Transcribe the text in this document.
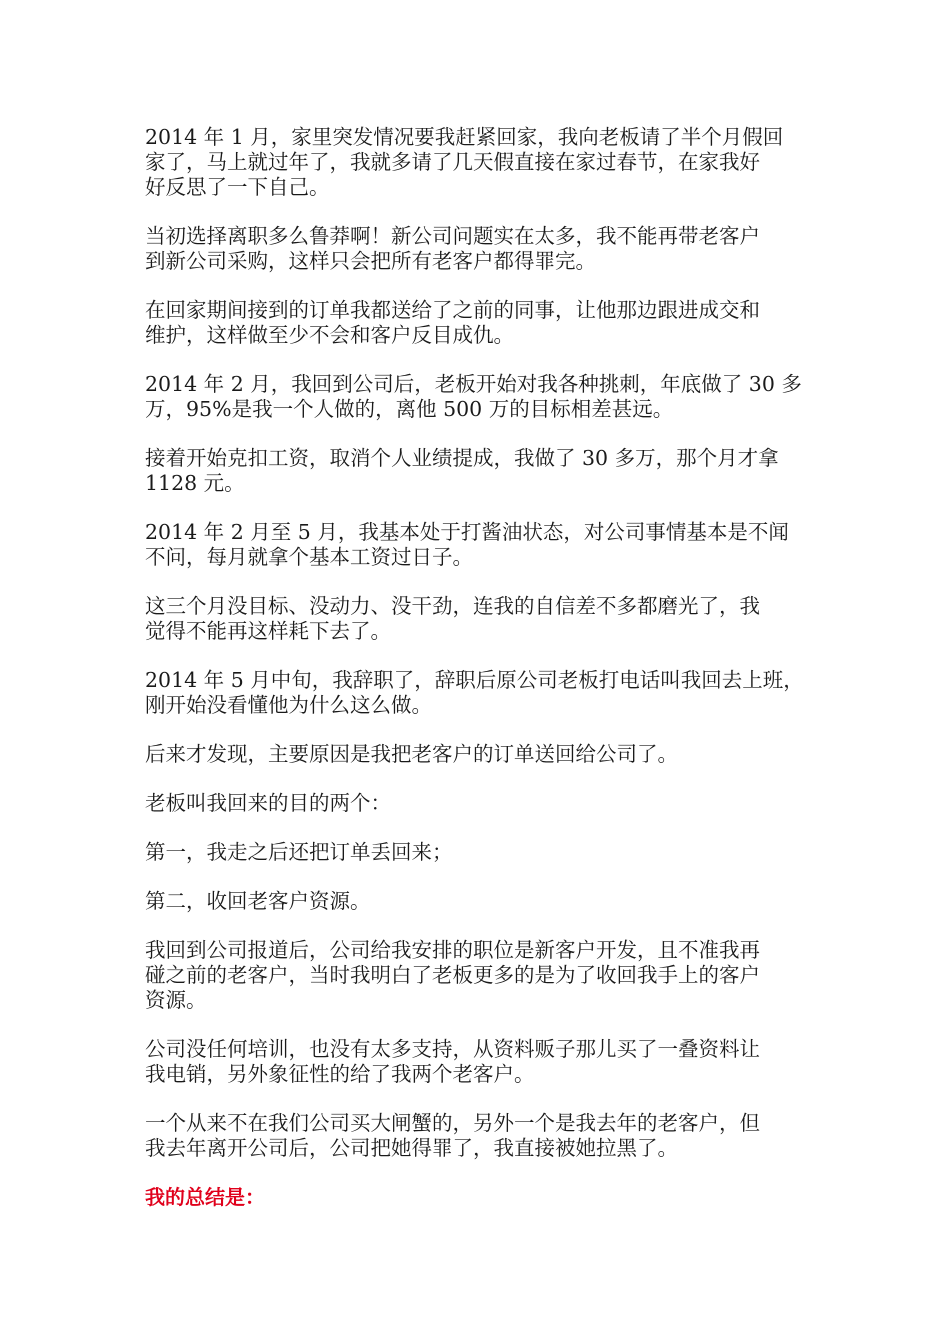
2014 年 1 月，家里突发情况要我赶紧回家，我向老板请了半个月假回
家了，马上就过年了，我就多请了几天假直接在家过春节，在家我好
好反思了一下自己。

当初选择离职多么鲁莽啊！新公司问题实在太多，我不能再带老客户
到新公司采购，这样只会把所有老客户都得罪完。

在回家期间接到的订单我都送给了之前的同事，让他那边跟进成交和
维护，这样做至少不会和客户反目成仇。

2014 年 2 月，我回到公司后，老板开始对我各种挑刺，年底做了 30 多
万，95%是我一个人做的，离他 500 万的目标相差甚远。

接着开始克扣工资，取消个人业绩提成，我做了 30 多万，那个月才拿
1128 元。

2014 年 2 月至 5 月，我基本处于打酱油状态，对公司事情基本是不闻
不问，每月就拿个基本工资过日子。

这三个月没目标、没动力、没干劲，连我的自信差不多都磨光了，我
觉得不能再这样耗下去了。

2014 年 5 月中旬，我辞职了，辞职后原公司老板打电话叫我回去上班，
刚开始没看懂他为什么这么做。

后来才发现，主要原因是我把老客户的订单送回给公司了。

老板叫我回来的目的两个：

第一，我走之后还把订单丢回来；

第二，收回老客户资源。

我回到公司报道后，公司给我安排的职位是新客户开发，且不准我再
碰之前的老客户，当时我明白了老板更多的是为了收回我手上的客户
资源。

公司没任何培训，也没有太多支持，从资料贩子那儿买了一叠资料让
我电销，另外象征性的给了我两个老客户。

一个从来不在我们公司买大闸蟹的，另外一个是我去年的老客户，但
我去年离开公司后，公司把她得罪了，我直接被她拉黑了。

我的总结是：
